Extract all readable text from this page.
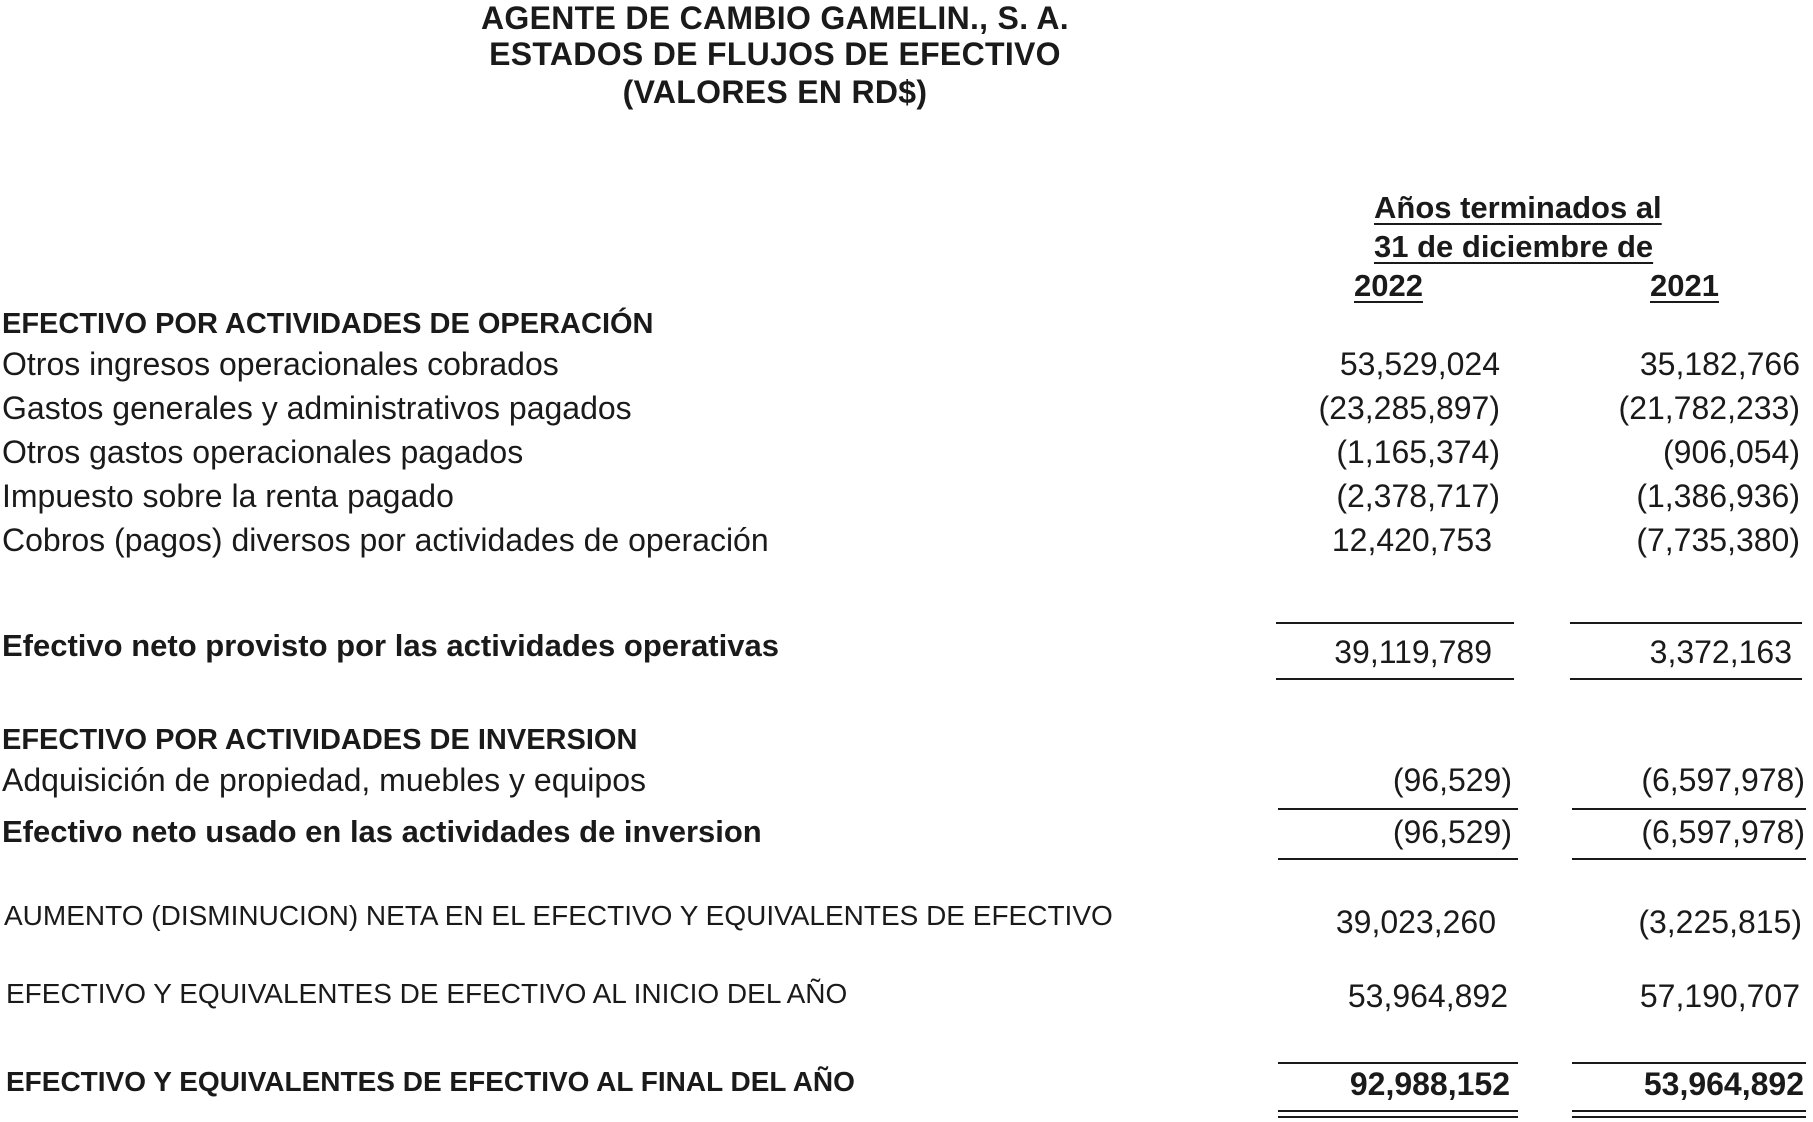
AGENTE DE CAMBIO GAMELIN., S. A.
ESTADOS DE FLUJOS DE EFECTIVO
(VALORES EN RD$)
Años terminados al
31 de diciembre de
2022	2021
EFECTIVO POR ACTIVIDADES DE OPERACIÓN
Otros ingresos operacionales cobrados	53,529,024	35,182,766
Gastos generales y administrativos pagados	(23,285,897)	(21,782,233)
Otros gastos operacionales pagados	(1,165,374)	(906,054)
Impuesto sobre la renta pagado	(2,378,717)	(1,386,936)
Cobros (pagos) diversos por actividades de operación	12,420,753	(7,735,380)
Efectivo neto provisto por las actividades operativas	39,119,789	3,372,163
EFECTIVO POR ACTIVIDADES DE INVERSION
Adquisición de propiedad, muebles y equipos	(96,529)	(6,597,978)
Efectivo neto usado en las actividades de inversion	(96,529)	(6,597,978)
AUMENTO (DISMINUCION) NETA EN EL EFECTIVO Y EQUIVALENTES DE EFECTIVO	39,023,260	(3,225,815)
EFECTIVO Y EQUIVALENTES DE EFECTIVO AL INICIO DEL AÑO	53,964,892	57,190,707
EFECTIVO Y EQUIVALENTES DE EFECTIVO AL FINAL DEL AÑO	92,988,152	53,964,892
